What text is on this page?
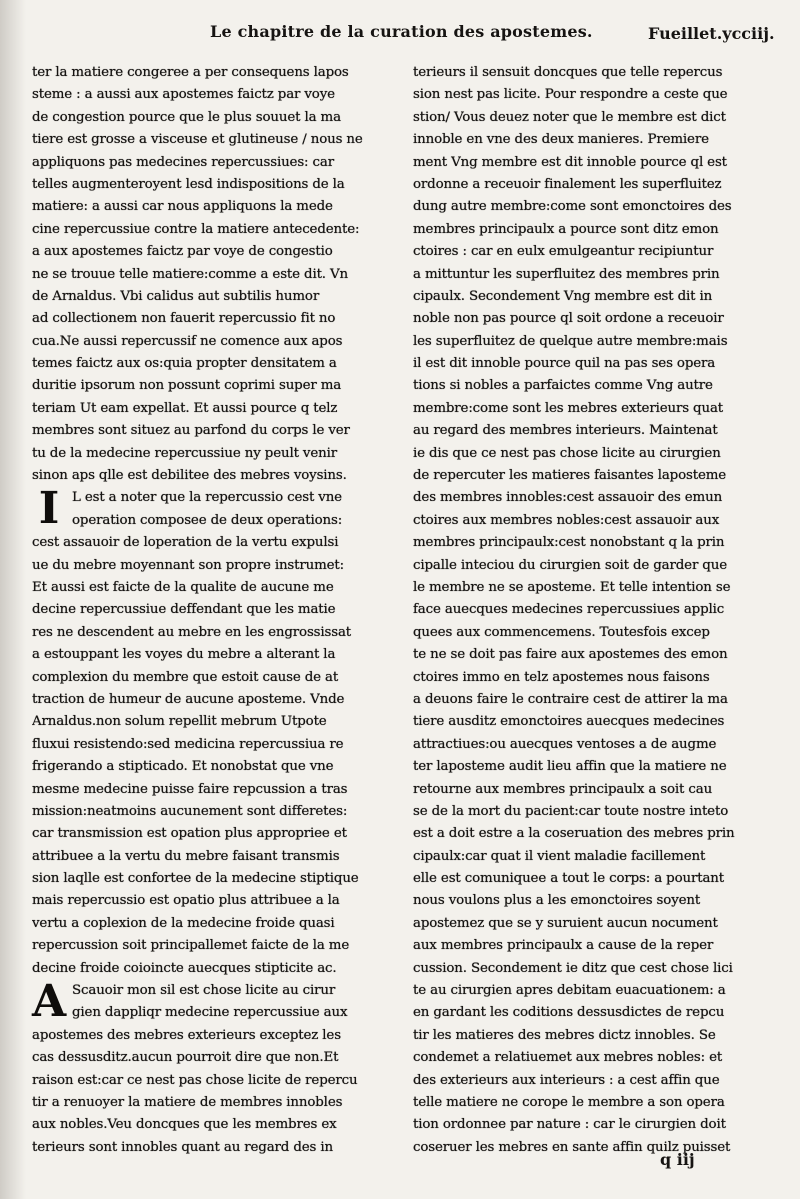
Le chapitre de la curation des apostemes.	Fueillet.ycciij.
ter la matiere congeree a per consequens lapos
steme : a aussi aux apostemes faictz par voye
de congestion pource que le plus souuet la ma
tiere est grosse a visceuse et glutineuse / nous ne
appliquons pas medecines repercussiues: car
telles augmenteroyent lesd indispositions de la
matiere: a aussi car nous appliquons la mede
cine repercussiue contre la matiere antecedente:
a aux apostemes faictz par voye de congestio
ne se trouue telle matiere:comme a este dit. Vn
de Arnaldus. Vbi calidus aut subtilis humor
ad collectionem non fauerit repercussio fit no
cua.Ne aussi repercussif ne comence aux apos
temes faictz aux os:quia propter densitatem a
duritie ipsorum non possunt coprimi super ma
teriam Ut eam expellat. Et aussi pource q telz
membres sont situez au parfond du corps le ver
tu de la medecine repercussiue ny peult venir
sinon aps qlle est debilitee des mebres voysins.
I L est a noter que la repercussio cest vne
operation composee de deux operations:
cest assauoir de loperation de la vertu expulsi
ue du mebre moyennant son propre instrumet:
Et aussi est faicte de la qualite de aucune me
decine repercussiue deffendant que les matie
res ne descendent au mebre en les engrossissat
a estouppant les voyes du mebre a alterant la
complexion du membre que estoit cause de at
traction de humeur de aucune aposteme. Vnde
Arnaldus.non solum repellit mebrum Utpote
fluxui resistendo:sed medicina repercussiua re
frigerando a stipticado. Et nonobstat que vne
mesme medecine puisse faire repcussion a tras
mission:neatmoins aucunement sont differetes:
car transmission est opation plus appropriee et
attribuee a la vertu du mebre faisant transmis
sion laqlle est confortee de la medecine stiptique
mais repercussio est opatio plus attribuee a la
vertu a coplexion de la medecine froide quasi
repercussion soit principallemet faicte de la me
decine froide coioincte auecques stipticite ac.
A Scauoir mon sil est chose licite au cirur
gien dappliqr medecine repercussiue aux
apostemes des mebres exterieurs exceptez les
cas dessusditz.aucun pourroit dire que non.Et
raison est:car ce nest pas chose licite de repercu
tir a renuoyer la matiere de membres innobles
aux nobles.Veu doncques que les membres ex
terieurs sont innobles quant au regard des in
terieurs il sensuit doncques que telle repercus
sion nest pas licite. Pour respondre a ceste que
stion/ Vous deuez noter que le membre est dict
innoble en vne des deux manieres. Premiere
ment Vng membre est dit innoble pource ql est
ordonne a receuoir finalement les superfluitez
dung autre membre:come sont emonctoires des
membres principaulx a pource sont ditz emon
ctoires : car en eulx emulgeantur recipiuntur
a mittuntur les superfluitez des membres prin
cipaulx. Secondement Vng membre est dit in
noble non pas pource ql soit ordone a receuoir
les superfluitez de quelque autre membre:mais
il est dit innoble pource quil na pas ses opera
tions si nobles a parfaictes comme Vng autre
membre:come sont les mebres exterieurs quat
au regard des membres interieurs. Maintenat
ie dis que ce nest pas chose licite au cirurgien
de repercuter les matieres faisantes laposteme
des membres innobles:cest assauoir des emun
ctoires aux membres nobles:cest assauoir aux
membres principaulx:cest nonobstant q la prin
cipalle inteciou du cirurgien soit de garder que
le membre ne se aposteme. Et telle intention se
face auecques medecines repercussiues applic
quees aux commencemens. Toutesfois excep
te ne se doit pas faire aux apostemes des emon
ctoires immo en telz apostemes nous faisons
a deuons faire le contraire cest de attirer la ma
tiere ausditz emonctoires auecques medecines
attractiues:ou auecques ventoses a de augme
ter laposteme audit lieu affin que la matiere ne
retourne aux membres principaulx a soit cau
se de la mort du pacient:car toute nostre inteto
est a doit estre a la coseruation des mebres prin
cipaulx:car quat il vient maladie facillement
elle est comuniquee a tout le corps: a pourtant
nous voulons plus a les emonctoires soyent
apostemez que se y suruient aucun nocument
aux membres principaulx a cause de la reper
cussion. Secondement ie ditz que cest chose lici
te au cirurgien apres debitam euacuationem: a
en gardant les coditions dessusdictes de repcu
tir les matieres des mebres dictz innobles. Se
condemet a relatiuemet aux mebres nobles: et
des exterieurs aux interieurs : a cest affin que
telle matiere ne corope le membre a son opera
tion ordonnee par nature : car le cirurgien doit
coseruer les mebres en sante affin quilz puisset
q iij
